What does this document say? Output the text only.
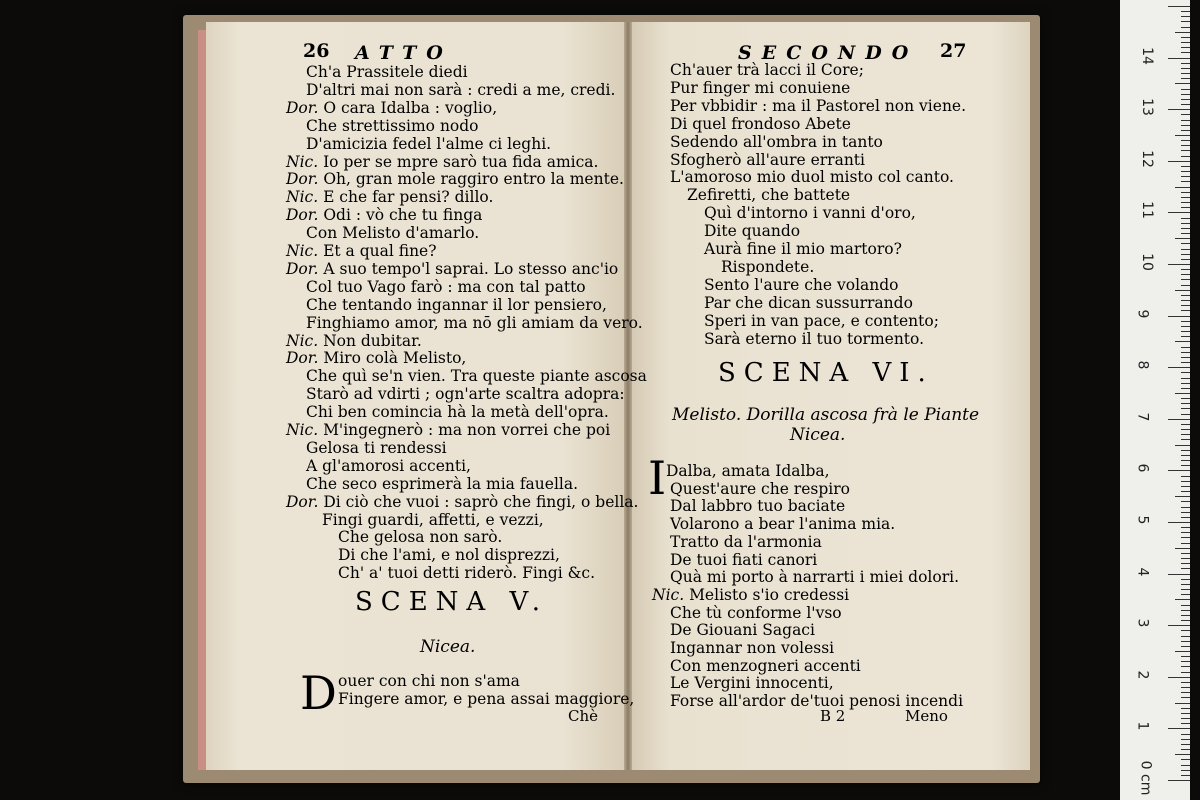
26 ATTO	SECONDO 27
Ch'a Prassitele diedi
D'altri mai non sarà : credi a me, credi.
Dor. O cara Idalba : voglio,
Che strettissimo nodo
D'amicizia fedel l'alme ci leghi.
Nic. Io per se mpre sarò tua fida amica.
Dor. Oh, gran mole raggiro entro la mente.
Nic. E che far pensi? dillo.
Dor. Odi : vò che tu finga
Con Melisto d'amarlo.
Nic. Et a qual fine?
Dor. A suo tempo'l saprai. Lo stesso anc'io
Col tuo Vago farò : ma con tal patto
Che tentando ingannar il lor pensiero,
Finghiamo amor, ma nō gli amiam da vero.
Nic. Non dubitar.
Dor. Miro colà Melisto,
Che quì se'n vien. Tra queste piante ascosa
Starò ad vdirti ; ogn'arte scaltra adopra:
Chi ben comincia hà la metà dell'opra.
Nic. M'ingegnerò : ma non vorrei che poi
Gelosa ti rendessi
A gl'amorosi accenti,
Che seco esprimerà la mia fauella.
Dor. Di ciò che vuoi : saprò che fingi, o bella.
Fingi guardi, affetti, e vezzi,
Che gelosa non sarò.
Di che l'ami, e nol disprezzi,
Ch' a' tuoi detti riderò. Fingi &c.
Ch'auer trà lacci il Core;
Pur finger mi conuiene
Per vbbidir : ma il Pastorel non viene.
Di quel frondoso Abete
Sedendo all'ombra in tanto
Sfogherò all'aure erranti
L'amoroso mio duol misto col canto.
Zefiretti, che battete
Quì d'intorno i vanni d'oro,
Dite quando
Aurà fine il mio martoro?
Rispondete.
Sento l'aure che volando
Par che dican sussurrando
Speri in van pace, e contento;
Sarà eterno il tuo tormento.
Dalba, amata Idalba,
Quest'aure che respiro
Dal labbro tuo baciate
Volarono a bear l'anima mia.
Tratto da l'armonia
De tuoi fiati canori
Quà mi porto à narrarti i miei dolori.
Nic. Melisto s'io credessi
Che tù conforme l'vso
De Giouani Sagaci
Ingannar non volessi
Con menzogneri accenti
Le Vergini innocenti,
Forse all'ardor de'tuoi penosi incendi
SCENA V.
Nicea.
D ouer con chi non s'ama
Fingere amor, e pena assai maggiore,
Chè
SCENA VI.
Melisto. Dorilla ascosa frà le Piante
Nicea.
I
B 2	Meno
0 cm
1
2
3
4
5
6
7
8
9
10
11
12
13
14
